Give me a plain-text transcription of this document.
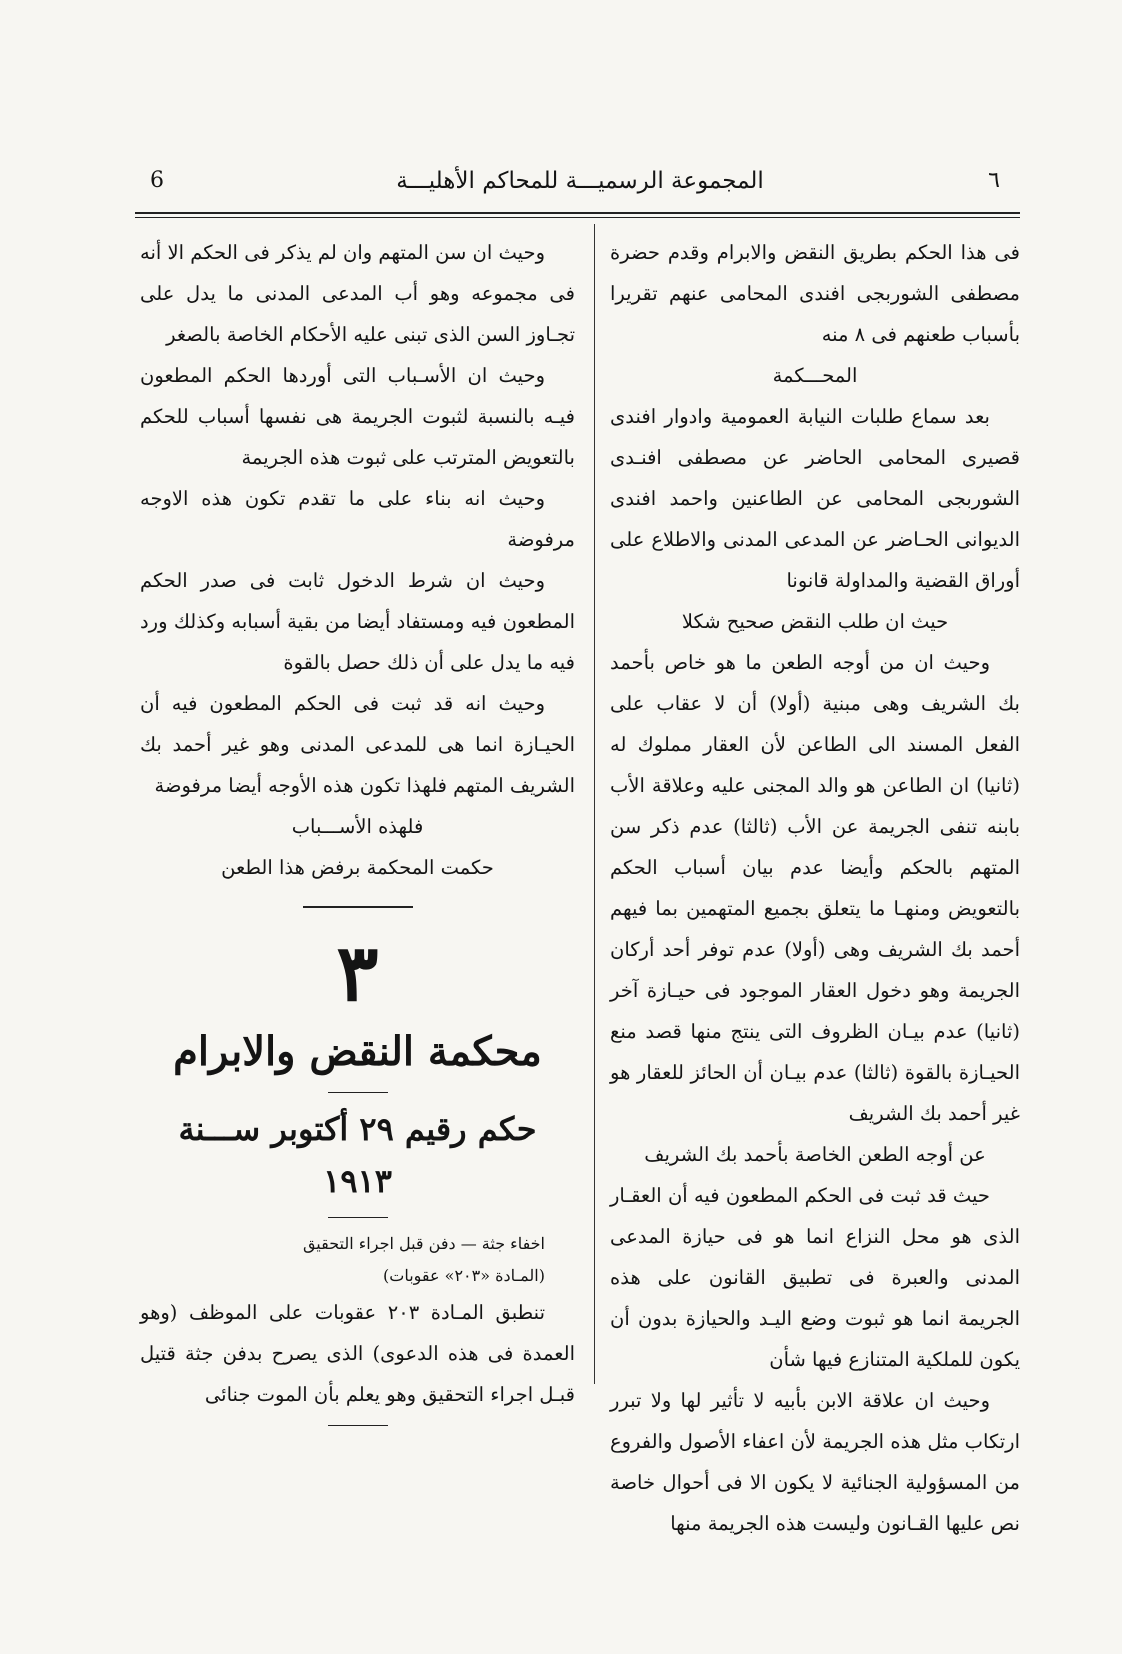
6	المجموعة الرسميـــة للمحاكم الأهليـــة	٦

فى هذا الحكم بطريق النقض والابرام وقدم حضرة مصطفى الشوربجى افندى المحامى عنهم تقريرا بأسباب طعنهم فى ٨ منه

المحـــكمة

بعد سماع طلبات النيابة العمومية وادوار افندى قصيرى المحامى الحاضر عن مصطفى افنـدى الشوربجى المحامى عن الطاعنين واحمد افندى الديوانى الحـاضر عن المدعى المدنى والاطلاع على أوراق القضية والمداولة قانونا

حيث ان طلب النقض صحيح شكلا

وحيث ان من أوجه الطعن ما هو خاص بأحمد بك الشريف وهى مبنية (أولا) أن لا عقاب على الفعل المسند الى الطاعن لأن العقار مملوك له (ثانيا) ان الطاعن هو والد المجنى عليه وعلاقة الأب بابنه تنفى الجريمة عن الأب (ثالثا) عدم ذكر سن المتهم بالحكم وأيضا عدم بيان أسباب الحكم بالتعويض ومنهـا ما يتعلق بجميع المتهمين بما فيهم أحمد بك الشريف وهى (أولا) عدم توفر أحد أركان الجريمة وهو دخول العقار الموجود فى حيـازة آخر (ثانيا) عدم بيـان الظروف التى ينتج منها قصد منع الحيـازة بالقوة (ثالثا) عدم بيـان أن الحائز للعقار هو غير أحمد بك الشريف

عن أوجه الطعن الخاصة بأحمد بك الشريف

حيث قد ثبت فى الحكم المطعون فيه أن العقـار الذى هو محل النزاع انما هو فى حيازة المدعى المدنى والعبرة فى تطبيق القانون على هذه الجريمة انما هو ثبوت وضع اليـد والحيازة بدون أن يكون للملكية المتنازع فيها شأن

وحيث ان علاقة الابن بأبيه لا تأثير لها ولا تبرر ارتكاب مثل هذه الجريمة لأن اعفاء الأصول والفروع من المسؤولية الجنائية لا يكون الا فى أحوال خاصة نص عليها القـانون وليست هذه الجريمة منها

وحيث ان سن المتهم وان لم يذكر فى الحكم الا أنه فى مجموعه وهو أب المدعى المدنى ما يدل على تجـاوز السن الذى تبنى عليه الأحكام الخاصة بالصغر

وحيث ان الأسـباب التى أوردها الحكم المطعون فيـه بالنسبة لثبوت الجريمة هى نفسها أسباب للحكم بالتعويض المترتب على ثبوت هذه الجريمة

وحيث انه بناء على ما تقدم تكون هذه الاوجه مرفوضة

وحيث ان شرط الدخول ثابت فى صدر الحكم المطعون فيه ومستفاد أيضا من بقية أسبابه وكذلك ورد فيه ما يدل على أن ذلك حصل بالقوة

وحيث انه قد ثبت فى الحكم المطعون فيه أن الحيـازة انما هى للمدعى المدنى وهو غير أحمد بك الشريف المتهم فلهذا تكون هذه الأوجه أيضا مرفوضة

فلهذه الأســـباب

حكمت المحكمة برفض هذا الطعن

٣
محكمة النقض والابرام
حكم رقيم ٢٩ أكتوبر ســـنة ١٩١٣

اخفاء جثة — دفن قبل اجراء التحقيق

(المـادة «٢٠٣» عقوبات)

تنطبق المـادة ٢٠٣ عقوبات على الموظف (وهو العمدة فى هذه الدعوى) الذى يصرح بدفن جثة قتيل قبـل اجراء التحقيق وهو يعلم بأن الموت جنائى
